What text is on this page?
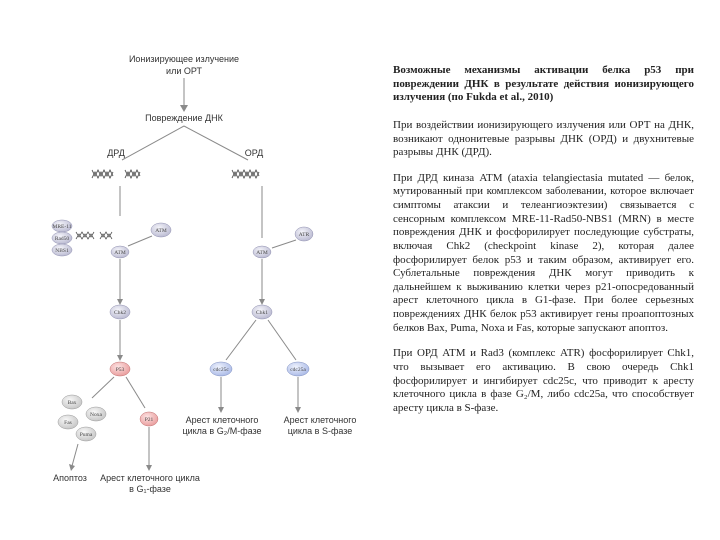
Ионизирующее излучение
или ОРТ
Повреждение ДНК
ДРД	ОРД
MRE-11
Rad50
NBS1
ATM
ATM
Chk2
P53
Bax
Noxa
Fas
Puma
P21
Апоптоз Арест клеточного цикла
в G₁-фазе
ATR
ATM
Chk1
cdc25c	cdc25a
Арест клеточного
цикла в G₂/M-фазе
Арест клеточного
цикла в S-фазе
Возможные механизмы активации белка p53 при повреждении ДНК в результате действия ионизирующего излучения (по Fukda et al., 2010)

При воздействии ионизирующего излучения или ОРТ на ДНК, возникают однонитевые разрывы ДНК (ОРД) и двухнитевые разрывы ДНК (ДРД).

При ДРД киназа ATM (ataxia telangiectasia mutated — белок, мутированный при комплексом заболевании, которое включает симптомы атаксии и телеангиоэктезии) связывается с сенсорным комплексом MRE-11-Rad50-NBS1 (MRN) в месте повреждения ДНК и фосфорилирует последующие субстраты, включая Chk2 (checkpoint kinase 2), которая далее фосфорилирует белок p53 и таким образом, активирует его. Сублетальные повреждения ДНК могут приводить к дальнейшем к выживанию клетки через p21-опосредованный арест клеточного цикла в G1-фазе. При более серьезных повреждениях ДНК белок p53 активирует гены проапоптозных белков Bax, Puma, Noxa и Fas, которые запускают апоптоз.

При ОРД ATM и Rad3 (комплекс ATR) фосфорилирует Chk1, что вызывает его активацию. В свою очередь Chk1 фосфорилирует и ингибирует cdc25c, что приводит к аресту клеточного цикла в фазе G₂/M, либо cdc25a, что способствует аресту цикла в S-фазе.
